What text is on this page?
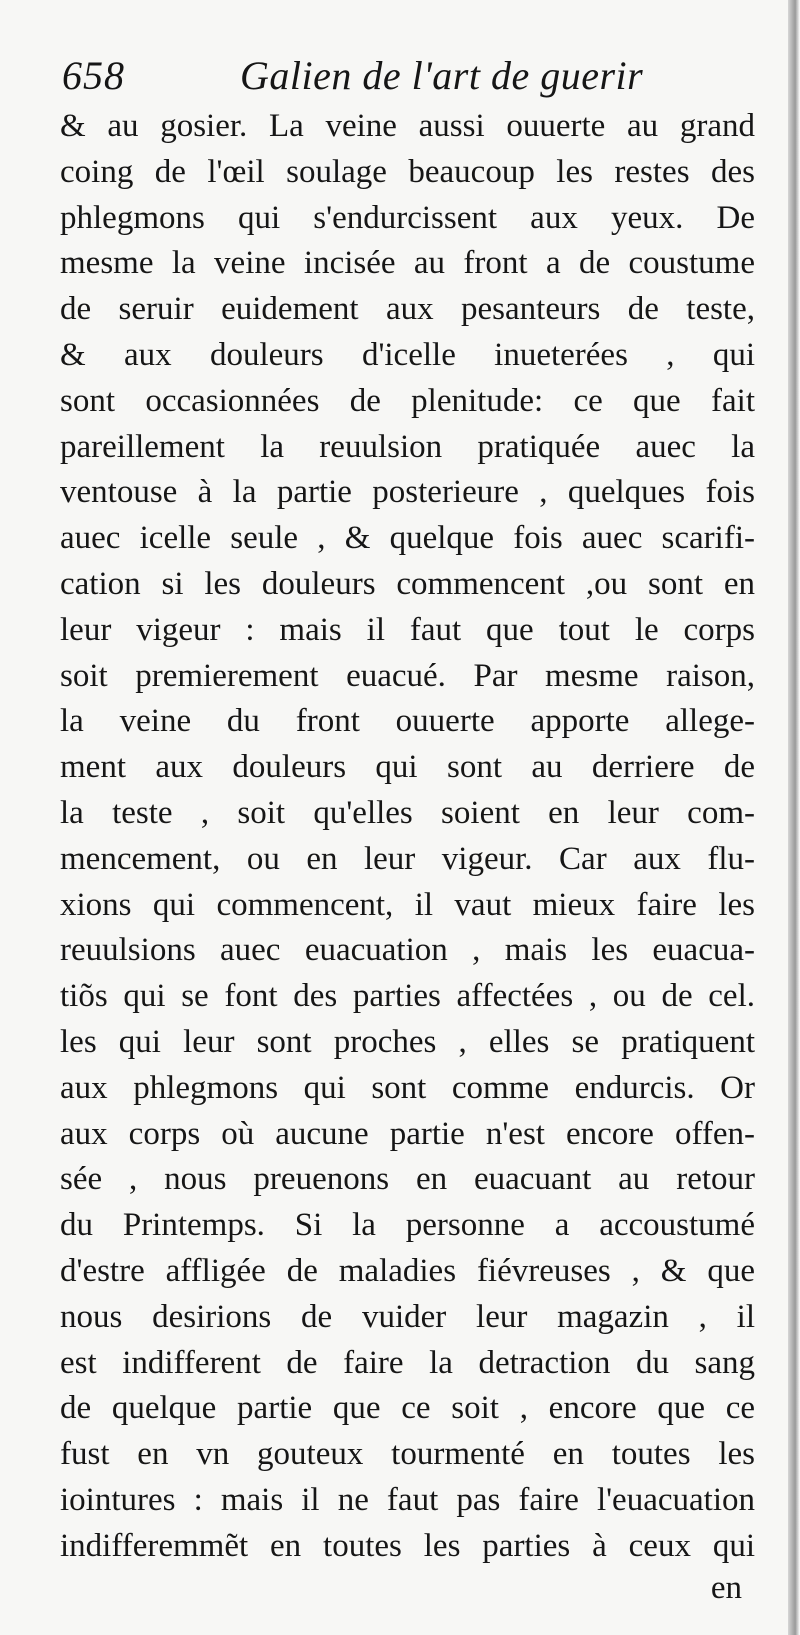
658	Galien de l'art de guerir
& au gosier. La veine aussi ouuerte au grand
coing de l'œil soulage beaucoup les restes des
phlegmons qui s'endurcissent aux yeux. De
mesme la veine incisée au front a de coustume
de seruir euidement aux pesanteurs de teste,
& aux douleurs d'icelle inueterées , qui
sont occasionnées de plenitude: ce que fait
pareillement la reuulsion pratiquée auec la
ventouse à la partie posterieure , quelques fois
auec icelle seule , & quelque fois auec scarifi-
cation si les douleurs commencent ,ou sont en
leur vigeur : mais il faut que tout le corps
soit premierement euacué. Par mesme raison,
la veine du front ouuerte apporte allege-
ment aux douleurs qui sont au derriere de
la teste , soit qu'elles soient en leur com-
mencement, ou en leur vigeur. Car aux flu-
xions qui commencent, il vaut mieux faire les
reuulsions auec euacuation , mais les euacua-
tiõs qui se font des parties affectées , ou de cel.
les qui leur sont proches , elles se pratiquent
aux phlegmons qui sont comme endurcis. Or
aux corps où aucune partie n'est encore offen-
sée , nous preuenons en euacuant au retour
du Printemps. Si la personne a accoustumé
d'estre affligée de maladies fiévreuses , & que
nous desirions de vuider leur magazin , il
est indifferent de faire la detraction du sang
de quelque partie que ce soit , encore que ce
fust en vn gouteux tourmenté en toutes les
iointures : mais il ne faut pas faire l'euacuation
indifferemmẽt en toutes les parties à ceux qui
en
